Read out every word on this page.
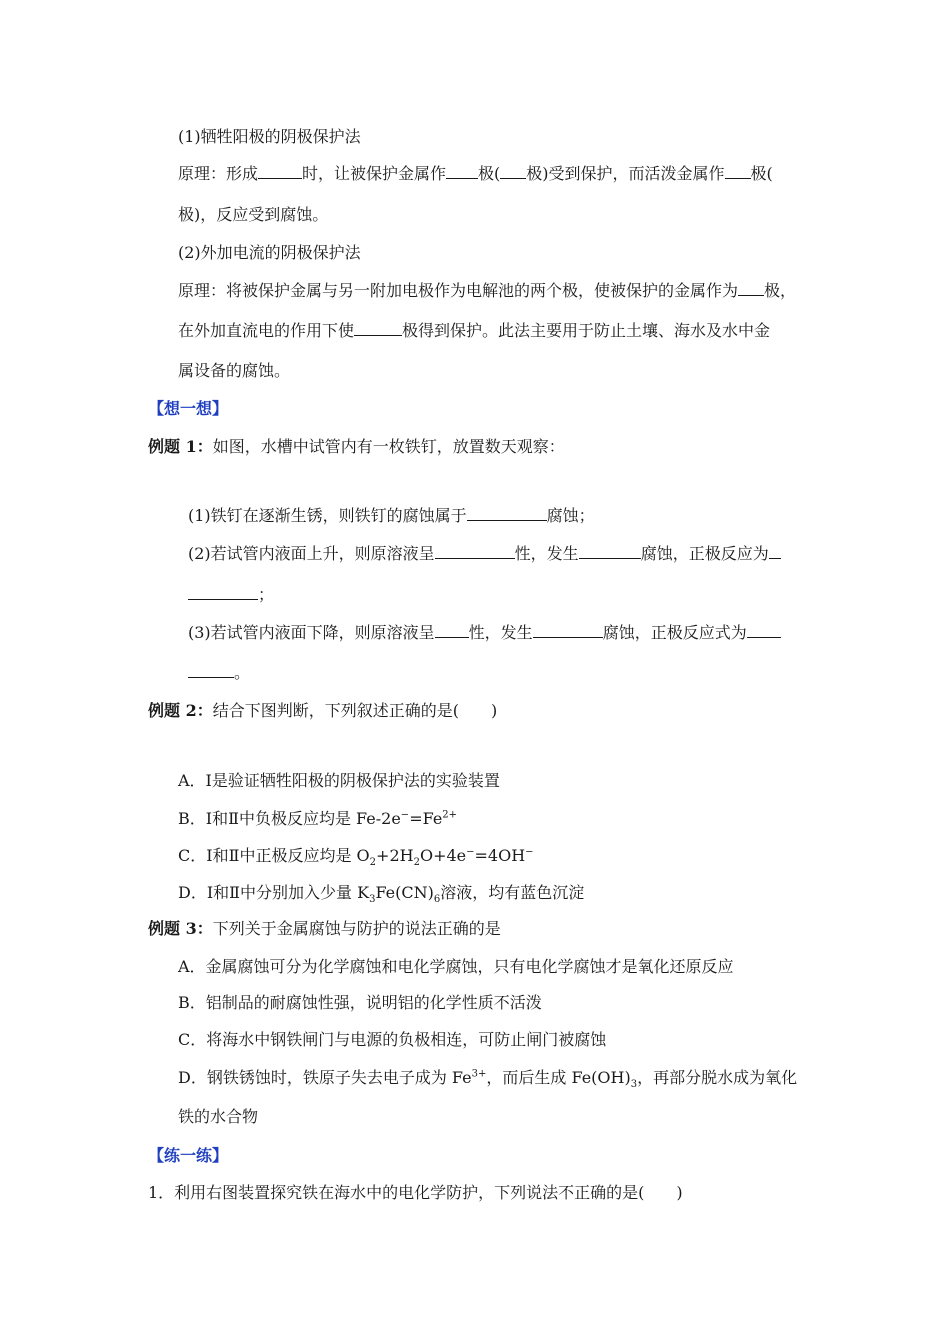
(1)牺牲阳极的阴极保护法
原理：形成	时，让被保护金属作 极( 极)受到保护，而活泼金属作 极(
极)，反应受到腐蚀。
(2)外加电流的阴极保护法
原理：将被保护金属与另一附加电极作为电解池的两个极，使被保护的金属作为 极，
在外加直流电的作用下使	极得到保护。此法主要用于防止土壤、海水及水中金
属设备的腐蚀。
【想一想】
例题 1：如图，水槽中试管内有一枚铁钉，放置数天观察：
(1)铁钉在逐渐生锈，则铁钉的腐蚀属于	腐蚀；
(2)若试管内液面上升，则原溶液呈	性，发生	腐蚀，正极反应为
；
(3)若试管内液面下降，则原溶液呈 性，发生	腐蚀，正极反应式为
。
例题 2：结合下图判断，下列叙述正确的是(　　)
A．Ⅰ是验证牺牲阳极的阴极保护法的实验装置
B．Ⅰ和Ⅱ中负极反应均是 $Fe-2e^-=Fe^{2+}$
C．Ⅰ和Ⅱ中正极反应均是 $O_2+2H_2O+4e^-=4OH^-$
D．Ⅰ和Ⅱ中分别加入少量 $K_3Fe(CN)_6$溶液，均有蓝色沉淀
例题 3：下列关于金属腐蚀与防护的说法正确的是
A．金属腐蚀可分为化学腐蚀和电化学腐蚀，只有电化学腐蚀才是氧化还原反应
B．铝制品的耐腐蚀性强，说明铝的化学性质不活泼
C．将海水中钢铁闸门与电源的负极相连，可防止闸门被腐蚀
D．钢铁锈蚀时，铁原子失去电子成为 $Fe^{3+}$，而后生成 $Fe(OH)_3$，再部分脱水成为氧化
铁的水合物
【练一练】
1．利用右图装置探究铁在海水中的电化学防护，下列说法不正确的是(　　)
